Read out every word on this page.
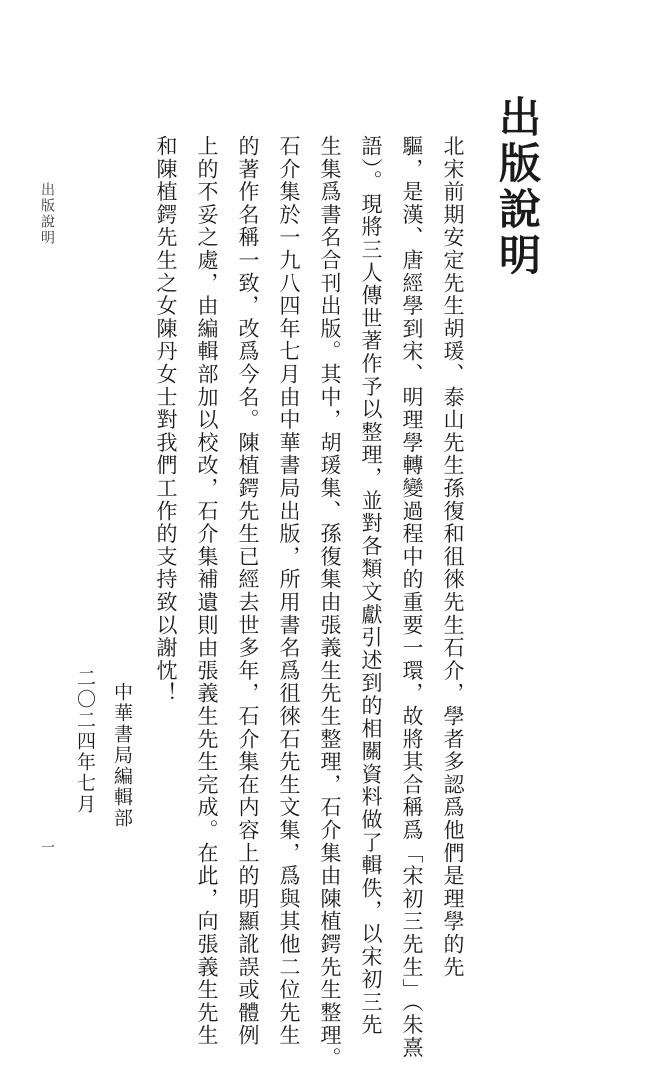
出版說明
北宋前期安定先生胡瑗、泰山先生孫復和徂徠先生石介，學者多認爲他們是理學的先
驅，是漢、唐經學到宋、明理學轉變過程中的重要一環，故將其合稱爲「宋初三先生」（朱熹
語）。現將三人傳世著作予以整理，並對各類文獻引述到的相關資料做了輯佚，以宋初三先
生集爲書名合刊出版。其中，胡瑗集、孫復集由張義生先生整理，石介集由陳植鍔先生整理。
石介集於一九八四年七月由中華書局出版，所用書名爲徂徠石先生文集，爲與其他二位先生
的著作名稱一致，改爲今名。陳植鍔先生已經去世多年，石介集在内容上的明顯訛誤或體例
上的不妥之處，由編輯部加以校改，石介集補遺則由張義生先生完成。在此，向張義生先生
和陳植鍔先生之女陳丹女士對我們工作的支持致以謝忱！
中華書局編輯部
二〇二四年七月
出版說明
一
